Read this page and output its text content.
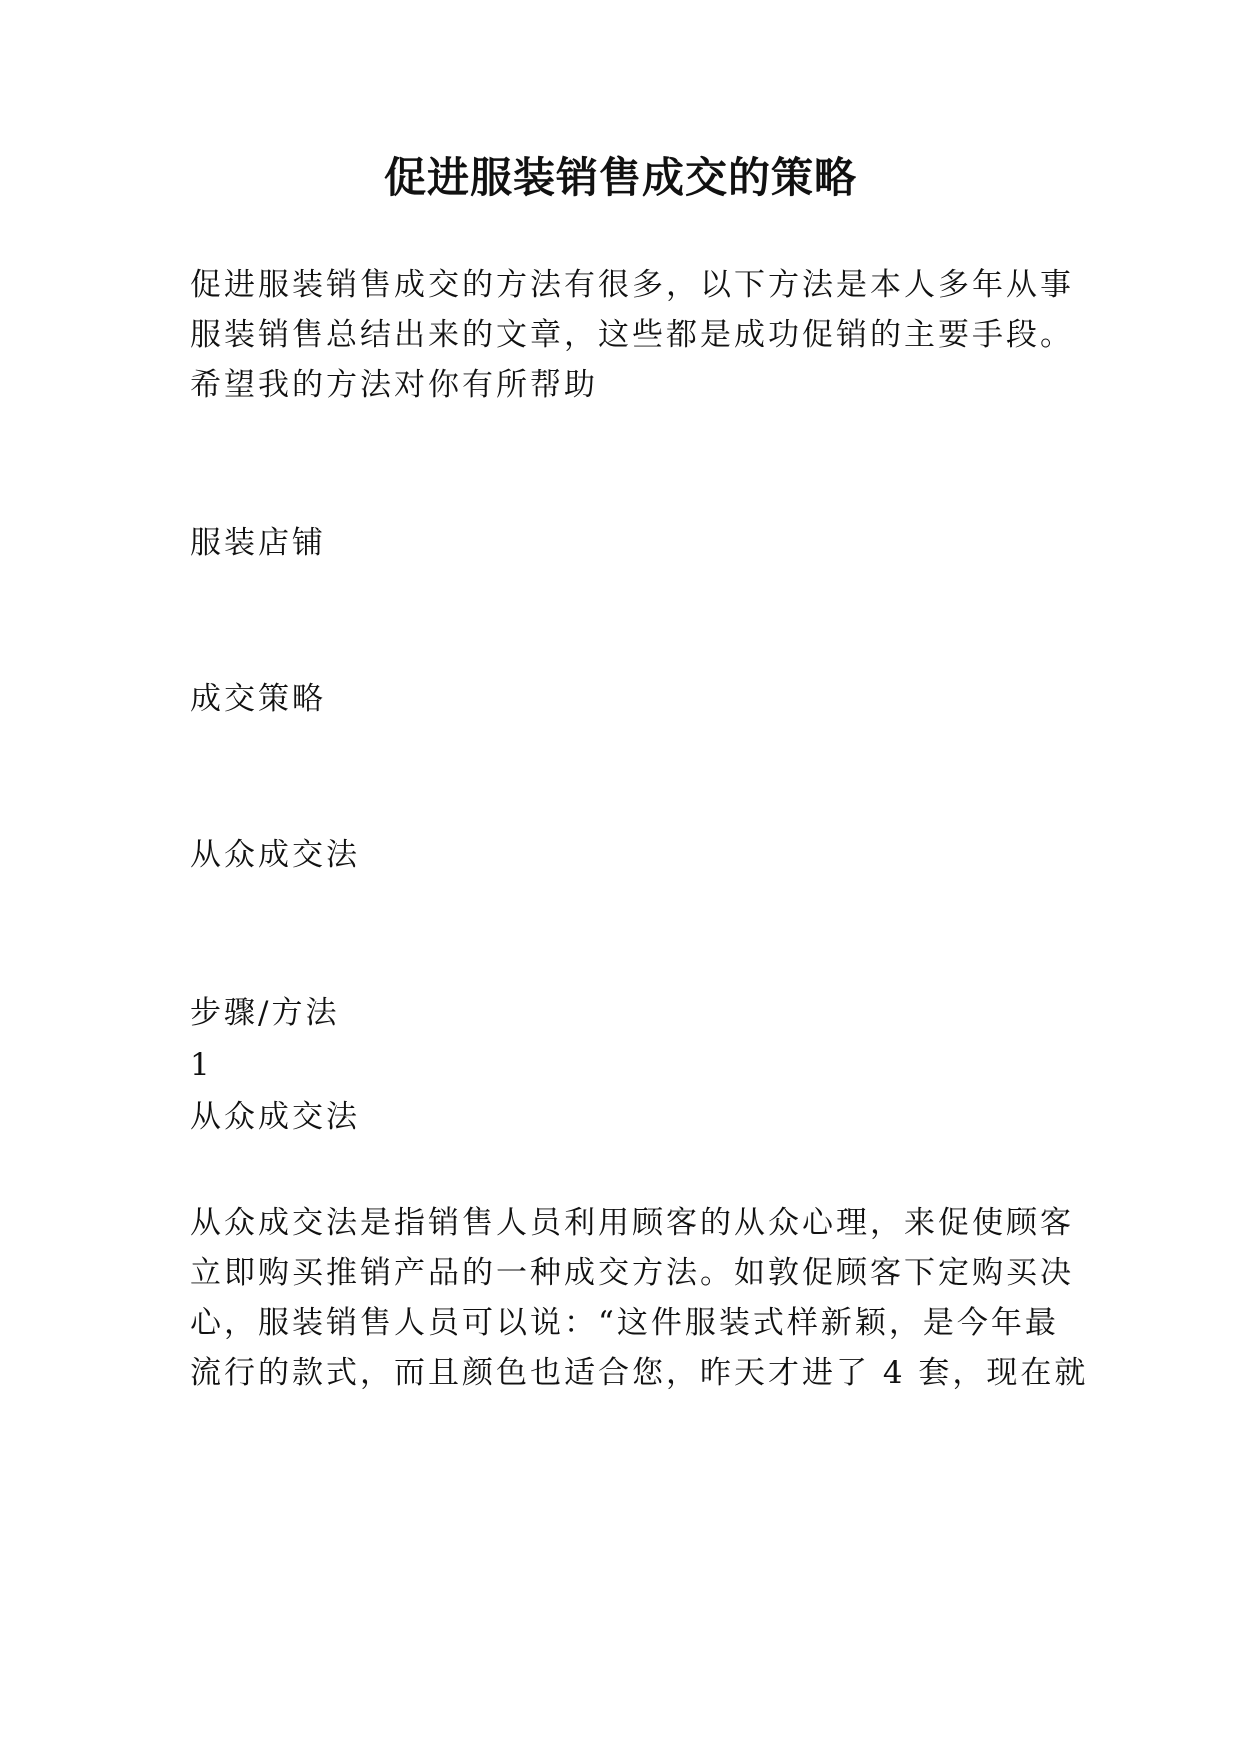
促进服装销售成交的策略
促进服装销售成交的方法有很多，以下方法是本人多年从事
服装销售总结出来的文章，这些都是成功促销的主要手段。
希望我的方法对你有所帮助
服装店铺
成交策略
从众成交法
步骤/方法
1
从众成交法
从众成交法是指销售人员利用顾客的从众心理，来促使顾客
立即购买推销产品的一种成交方法。如敦促顾客下定购买决
心，服装销售人员可以说：“这件服装式样新颖，是今年最
流行的款式，而且颜色也适合您，昨天才进了 4 套，现在就
